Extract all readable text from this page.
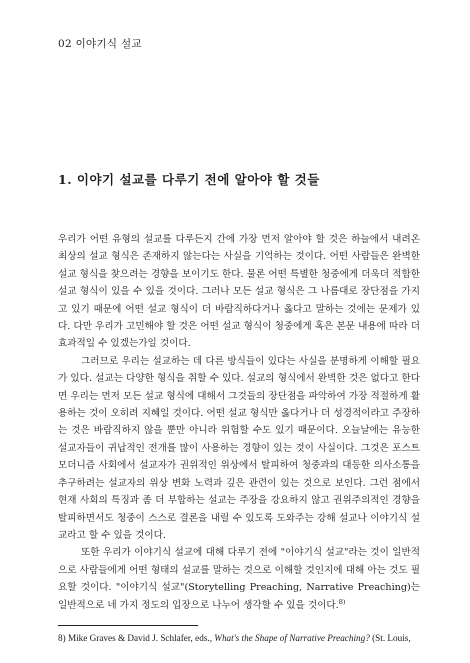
02 이야기식 설교
1. 이야기 설교를 다루기 전에 알아야 할 것들

우리가 어떤 유형의 설교를 다루든지 간에 가장 먼저 알아야 할 것은 하늘에서 내려온 최상의 설교 형식은 존재하지 않는다는 사실을 기억하는 것이다. 어떤 사람들은 완벽한 설교 형식을 찾으려는 경향을 보이기도 한다. 물론 어떤 특별한 청중에게 더욱더 적합한 설교 형식이 있을 수 있을 것이다. 그러나 모든 설교 형식은 그 나름대로 장단점을 가지고 있기 때문에 어떤 설교 형식이 더 바람직하다거나 옳다고 말하는 것에는 문제가 있다. 다만 우리가 고민해야 할 것은 어떤 설교 형식이 청중에게 혹은 본문 내용에 따라 더 효과적일 수 있겠는가일 것이다.

그러므로 우리는 설교하는 데 다른 방식들이 있다는 사실을 분명하게 이해할 필요가 있다. 설교는 다양한 형식을 취할 수 있다. 설교의 형식에서 완벽한 것은 없다고 한다면 우리는 먼저 모든 설교 형식에 대해서 그것들의 장단점을 파악하여 가장 적절하게 활용하는 것이 오히려 지혜일 것이다. 어떤 설교 형식만 옳다거나 더 성경적이라고 주장하는 것은 바람직하지 않을 뿐만 아니라 위험할 수도 있기 때문이다. 오늘날에는 유능한 설교자들이 귀납적인 전개를 많이 사용하는 경향이 있는 것이 사실이다. 그것은 포스트모더니즘 사회에서 설교자가 권위적인 위상에서 탈피하여 청중과의 대등한 의사소통을 추구하려는 설교자의 위상 변화 노력과 깊은 관련이 있는 것으로 보인다. 그런 점에서 현재 사회의 특징과 좀 더 부합하는 설교는 주장을 강요하지 않고 권위주의적인 경향을 탈피하면서도 청중이 스스로 결론을 내릴 수 있도록 도와주는 강해 설교나 이야기식 설교라고 할 수 있을 것이다.

또한 우리가 이야기식 설교에 대해 다루기 전에 "이야기식 설교"라는 것이 일반적으로 사람들에게 어떤 형태의 설교를 말하는 것으로 이해할 것인지에 대해 아는 것도 필요할 것이다. "이야기식 설교"(Storytelling Preaching, Narrative Preaching)는 일반적으로 네 가지 정도의 입장으로 나누어 생각할 수 있을 것이다.$^{8)}$

8) Mike Graves & David J. Schlafer, eds., What's the Shape of Narrative Preaching? (St. Louis,
